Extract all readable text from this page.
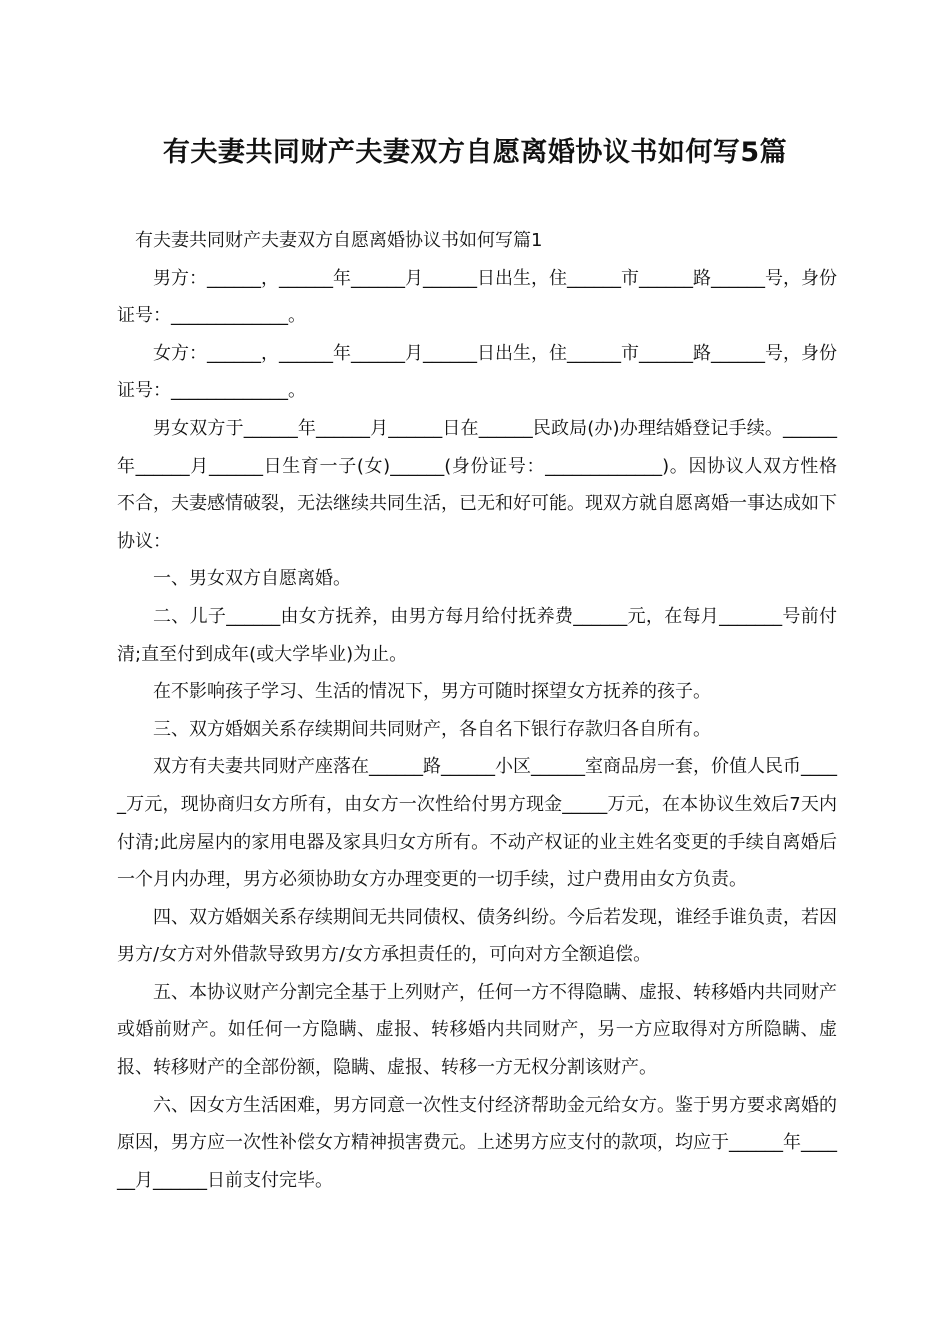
有夫妻共同财产夫妻双方自愿离婚协议书如何写5篇

有夫妻共同财产夫妻双方自愿离婚协议书如何写篇1

男方：______，______年______月______日出生，住______市______路______号，身份证号：_____________。

女方：______，______年______月______日出生，住______市______路______号，身份证号：_____________。

男女双方于______年______月______日在______民政局(办)办理结婚登记手续。______年______月______日生育一子(女)______(身份证号：_____________)。因协议人双方性格不合，夫妻感情破裂，无法继续共同生活，已无和好可能。现双方就自愿离婚一事达成如下协议：

一、男女双方自愿离婚。

二、儿子______由女方抚养，由男方每月给付抚养费______元，在每月_______号前付清;直至付到成年(或大学毕业)为止。

在不影响孩子学习、生活的情况下，男方可随时探望女方抚养的孩子。

三、双方婚姻关系存续期间共同财产，各自名下银行存款归各自所有。

双方有夫妻共同财产座落在______路______小区______室商品房一套，价值人民币_____万元，现协商归女方所有，由女方一次性给付男方现金_____万元，在本协议生效后7天内付清;此房屋内的家用电器及家具归女方所有。不动产权证的业主姓名变更的手续自离婚后一个月内办理，男方必须协助女方办理变更的一切手续，过户费用由女方负责。

四、双方婚姻关系存续期间无共同债权、债务纠纷。今后若发现，谁经手谁负责，若因男方/女方对外借款导致男方/女方承担责任的，可向对方全额追偿。

五、本协议财产分割完全基于上列财产，任何一方不得隐瞒、虚报、转移婚内共同财产或婚前财产。如任何一方隐瞒、虚报、转移婚内共同财产，另一方应取得对方所隐瞒、虚报、转移财产的全部份额，隐瞒、虚报、转移一方无权分割该财产。

六、因女方生活困难，男方同意一次性支付经济帮助金元给女方。鉴于男方要求离婚的原因，男方应一次性补偿女方精神损害费元。上述男方应支付的款项，均应于______年______月______日前支付完毕。
